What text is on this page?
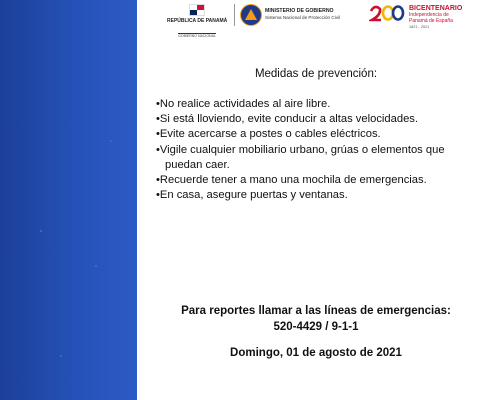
REPÚBLICA DE PANAMÁ
GOBIERNO NACIONAL
MINISTERIO DE GOBIERNO
Sistema Nacional de Protección Civil
BICENTENARIO
Independencia de
Panamá de España
1821 - 2021
Medidas de prevención:
•No realice actividades al aire libre.
•Si está lloviendo, evite conducir a altas velocidades.
•Evite acercarse a postes o cables eléctricos.
•Vigile cualquier mobiliario urbano, grúas o elementos que
puedan caer.
•Recuerde tener a mano una mochila de emergencias.
•En casa, asegure puertas y ventanas.
Para reportes llamar a las líneas de emergencias:
520-4429 / 9-1-1
Domingo, 01 de agosto de 2021
